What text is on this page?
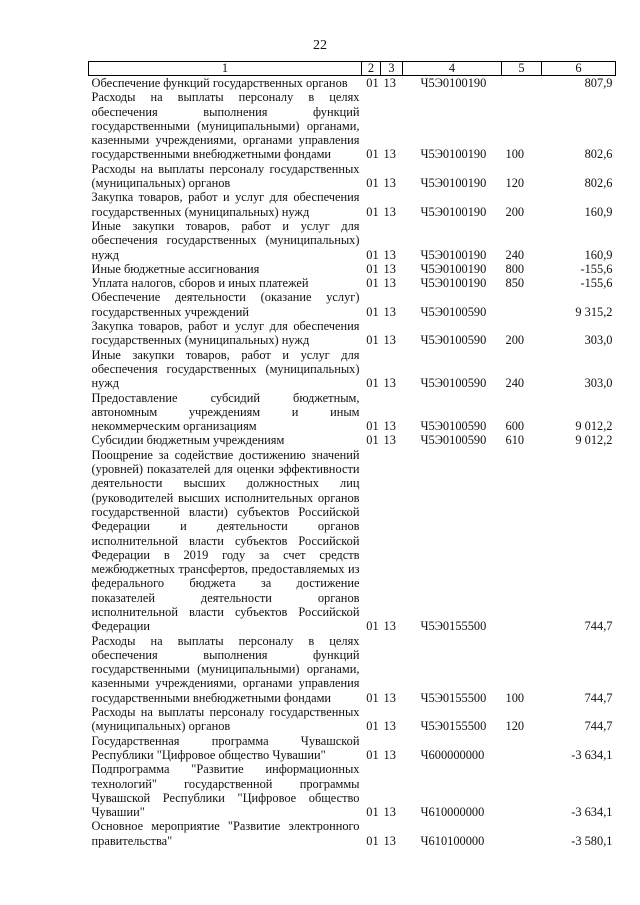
22
1	2	3	4	5	6
Обеспечение функций государственных органов	01	13	Ч5Э0100190		807,9
Расходы на выплаты персоналу в целях обеспечения выполнения функций государственными (муниципальными) органами, казенными учреждениями, органами управления государственными внебюджетными фондами	01	13	Ч5Э0100190	100	802,6
Расходы на выплаты персоналу государственных (муниципальных) органов	01	13	Ч5Э0100190	120	802,6
Закупка товаров, работ и услуг для обеспечения государственных (муниципальных) нужд	01	13	Ч5Э0100190	200	160,9
Иные закупки товаров, работ и услуг для обеспечения государственных (муниципальных) нужд	01	13	Ч5Э0100190	240	160,9
Иные бюджетные ассигнования	01	13	Ч5Э0100190	800	-155,6
Уплата налогов, сборов и иных платежей	01	13	Ч5Э0100190	850	-155,6
Обеспечение деятельности (оказание услуг) государственных учреждений	01	13	Ч5Э0100590		9 315,2
Закупка товаров, работ и услуг для обеспечения государственных (муниципальных) нужд	01	13	Ч5Э0100590	200	303,0
Иные закупки товаров, работ и услуг для обеспечения государственных (муниципальных) нужд	01	13	Ч5Э0100590	240	303,0
Предоставление субсидий бюджетным, автономным учреждениям и иным некоммерческим организациям	01	13	Ч5Э0100590	600	9 012,2
Субсидии бюджетным учреждениям	01	13	Ч5Э0100590	610	9 012,2
Поощрение за содействие достижению значений (уровней) показателей для оценки эффективности деятельности высших должностных лиц (руководителей высших исполнительных органов государственной власти) субъектов Российской Федерации и деятельности органов исполнительной власти субъектов Российской Федерации в 2019 году за счет средств межбюджетных трансфертов, предоставляемых из федерального бюджета за достижение показателей деятельности органов исполнительной власти субъектов Российской Федерации	01	13	Ч5Э0155500		744,7
Расходы на выплаты персоналу в целях обеспечения выполнения функций государственными (муниципальными) органами, казенными учреждениями, органами управления государственными внебюджетными фондами	01	13	Ч5Э0155500	100	744,7
Расходы на выплаты персоналу государственных (муниципальных) органов	01	13	Ч5Э0155500	120	744,7
Государственная программа Чувашской Республики "Цифровое общество Чувашии"	01	13	Ч600000000		-3 634,1
Подпрограмма "Развитие информационных технологий" государственной программы Чувашской Республики "Цифровое общество Чувашии"	01	13	Ч610000000		-3 634,1
Основное мероприятие "Развитие электронного правительства"	01	13	Ч610100000		-3 580,1
